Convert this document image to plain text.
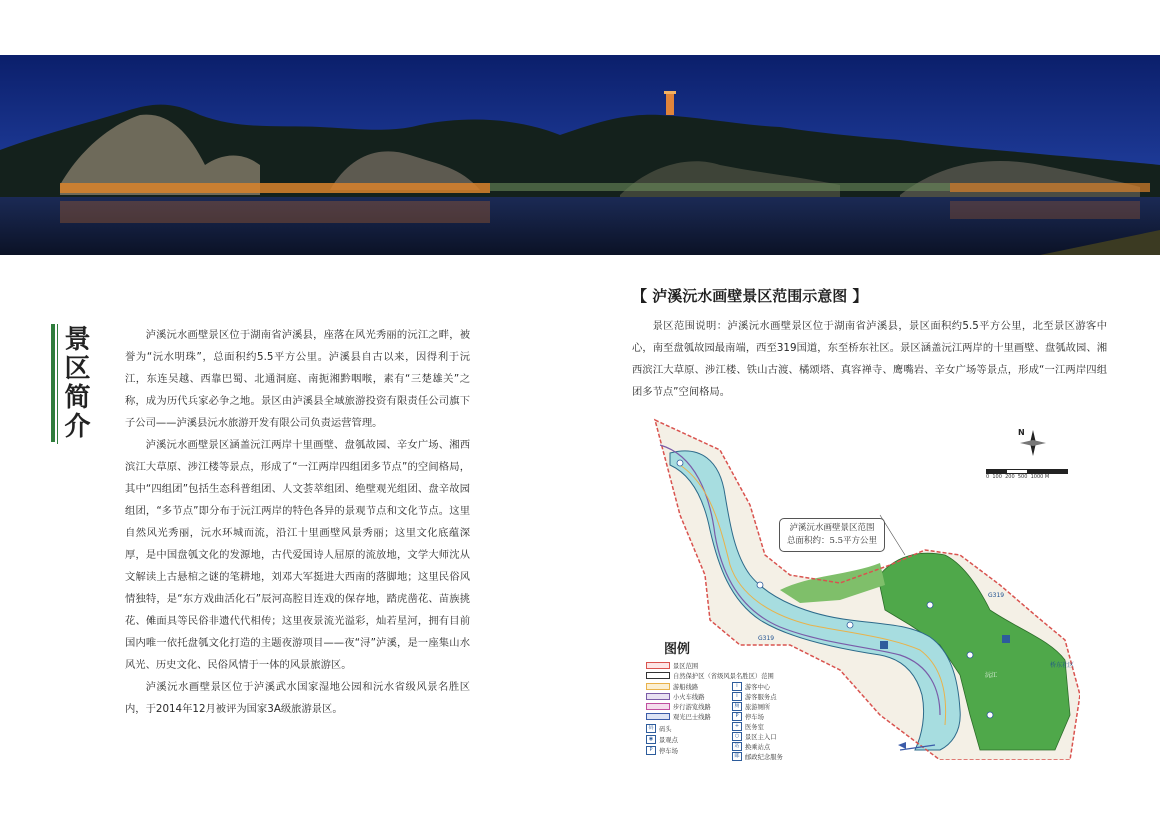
景
区
简
介

泸溪沅水画壁景区位于湖南省泸溪县，座落在风光秀丽的沅江之畔，被誉为“沅水明珠”，总面积约5.5平方公里。泸溪县自古以来，因得利于沅江，东连吴越、西靠巴蜀、北通洞庭、南扼湘黔咽喉，素有“三楚雄关”之称，成为历代兵家必争之地。景区由泸溪县全域旅游投资有限责任公司旗下子公司——泸溪县沅水旅游开发有限公司负责运营管理。

泸溪沅水画壁景区涵盖沅江两岸十里画壁、盘瓠故园、辛女广场、湘西滨江大草原、涉江楼等景点，形成了“一江两岸四组团多节点”的空间格局，其中“四组团”包括生态科普组团、人文荟萃组团、绝壁观光组团、盘辛故园组团，“多节点”即分布于沅江两岸的特色各异的景观节点和文化节点。这里自然风光秀丽，沅水环城而流，沿江十里画壁风景秀丽；这里文化底蕴深厚，是中国盘瓠文化的发源地，古代爱国诗人屈原的流放地，文学大师沈从文解读上古悬棺之谜的笔耕地，刘邓大军挺进大西南的落脚地；这里民俗风情独特，是“东方戏曲活化石”辰河高腔目连戏的保存地，踏虎凿花、苗族挑花、傩面具等民俗非遗代代相传；这里夜景流光溢彩，灿若星河，拥有目前国内唯一依托盘瓠文化打造的主题夜游项目——夜“浔”泸溪，是一座集山水风光、历史文化、民俗风情于一体的风景旅游区。

泸溪沅水画壁景区位于泸溪武水国家湿地公园和沅水省级风景名胜区内，于2014年12月被评为国家3A级旅游景区。

【 泸溪沅水画壁景区范围示意图 】
景区范围说明：泸溪沅水画壁景区位于湖南省泸溪县，景区面积约5.5平方公里，北至景区游客中心，南至盘瓠故园最南端，西至319国道，东至桥东社区。景区涵盖沅江两岸的十里画壁、盘瓠故园、湘西滨江大草原、涉江楼、铁山古渡、橘颂塔、真容禅寺、鹰嘴岩、辛女广场等景点，形成“一江两岸四组团多节点”空间格局。
泸溪沅水画壁景区范围
总面积约：5.5平方公里
N
0 100 200 500 1000 M
G319
G319
桥东社区
沅江
图例
景区范围
自然保护区（省级风景名胜区）范围
游船线路
小火车线路
步行游览线路
观光巴士线路
码 码头
◉ 景观点
P	停车场
i	游客中心
i	游客服务点
厕 旅游厕所
P	停车场
+ 医务室
○ 景区主入口
站 换乘站点
邮 邮政纪念服务
